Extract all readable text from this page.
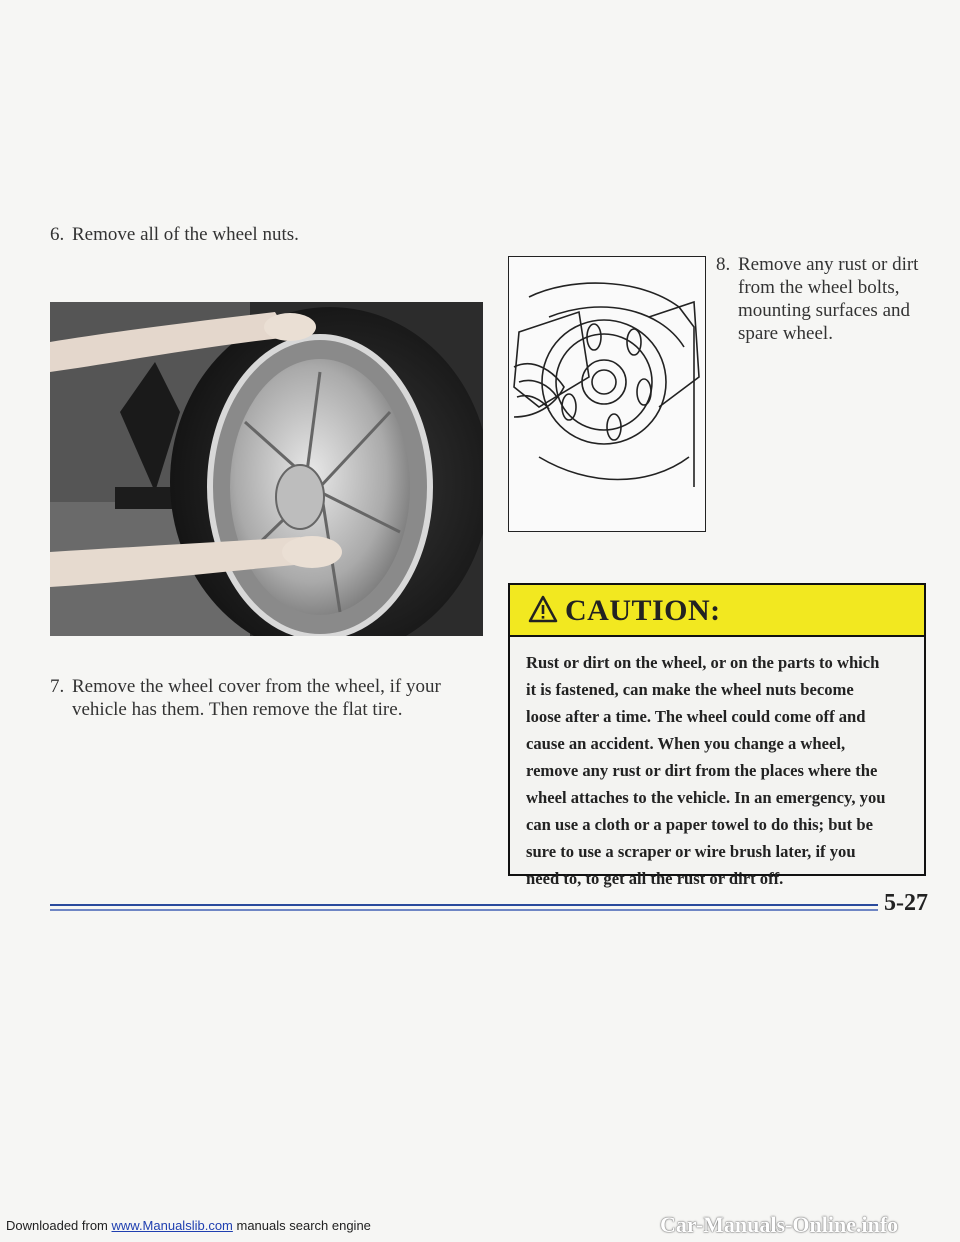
6. Remove all of the wheel nuts.
7. Remove the wheel cover from the wheel, if your
vehicle has them. Then remove the flat tire.
8. Remove any rust or dirt
from the wheel bolts,
mounting surfaces and
spare wheel.
CAUTION:
Rust or dirt on the wheel, or on the parts to which
it is fastened, can make the wheel nuts become
loose after a time. The wheel could come off and
cause an accident. When you change a wheel,
remove any rust or dirt from the places where the
wheel attaches to the vehicle. In an emergency, you
can use a cloth or a paper towel to do this; but be
sure to use a scraper or wire brush later, if you
need to, to get all the rust or dirt off.
5-27
Downloaded from www.Manualslib.com manuals search engine	Car-Manuals-Online.info
